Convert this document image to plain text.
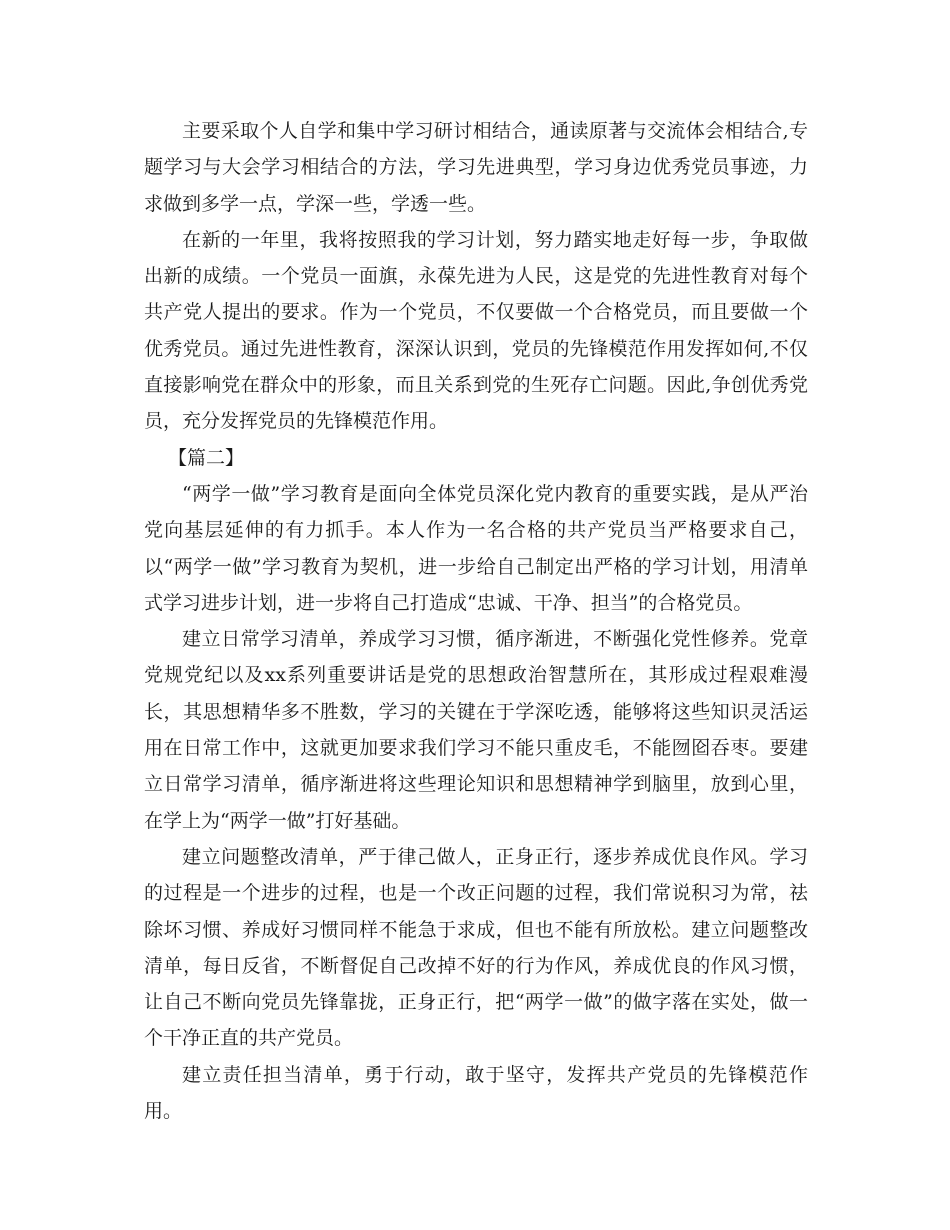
主要采取个人自学和集中学习研讨相结合，通读原著与交流体会相结合,专题学习与大会学习相结合的方法，学习先进典型，学习身边优秀党员事迹，力求做到多学一点，学深一些，学透一些。

在新的一年里，我将按照我的学习计划，努力踏实地走好每一步，争取做出新的成绩。一个党员一面旗，永葆先进为人民，这是党的先进性教育对每个共产党人提出的要求。作为一个党员，不仅要做一个合格党员，而且要做一个优秀党员。通过先进性教育，深深认识到，党员的先锋模范作用发挥如何,不仅直接影响党在群众中的形象，而且关系到党的生死存亡问题。因此,争创优秀党员，充分发挥党员的先锋模范作用。

【篇二】

“两学一做”学习教育是面向全体党员深化党内教育的重要实践，是从严治党向基层延伸的有力抓手。本人作为一名合格的共产党员当严格要求自己，以“两学一做”学习教育为契机，进一步给自己制定出严格的学习计划，用清单式学习进步计划，进一步将自己打造成“忠诚、干净、担当”的合格党员。

建立日常学习清单，养成学习习惯，循序渐进，不断强化党性修养。党章党规党纪以及xx系列重要讲话是党的思想政治智慧所在，其形成过程艰难漫长，其思想精华多不胜数，学习的关键在于学深吃透，能够将这些知识灵活运用在日常工作中，这就更加要求我们学习不能只重皮毛，不能囫囵吞枣。要建立日常学习清单，循序渐进将这些理论知识和思想精神学到脑里，放到心里，在学上为“两学一做”打好基础。

建立问题整改清单，严于律己做人，正身正行，逐步养成优良作风。学习的过程是一个进步的过程，也是一个改正问题的过程，我们常说积习为常，祛除坏习惯、养成好习惯同样不能急于求成，但也不能有所放松。建立问题整改清单，每日反省，不断督促自己改掉不好的行为作风，养成优良的作风习惯，让自己不断向党员先锋靠拢，正身正行，把“两学一做”的做字落在实处，做一个干净正直的共产党员。

建立责任担当清单，勇于行动，敢于坚守，发挥共产党员的先锋模范作用。
